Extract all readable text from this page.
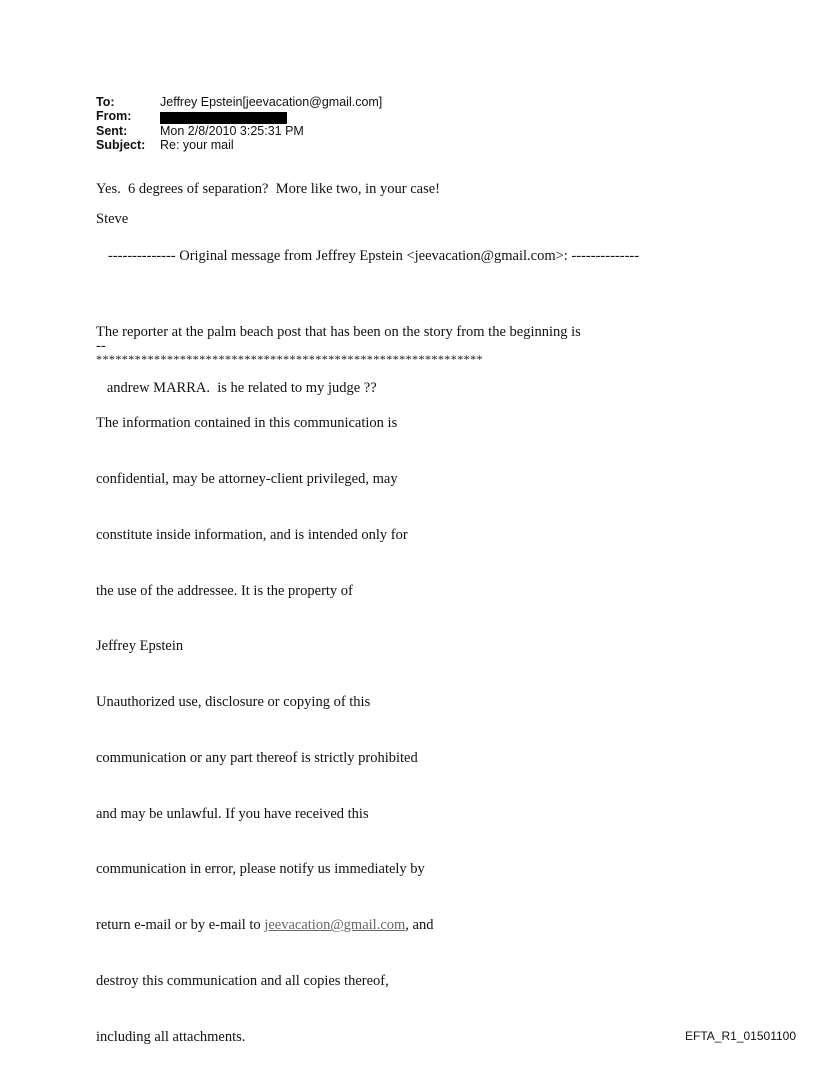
To:	Jeffrey Epstein[jeevacation@gmail.com]
From:
Sent:	Mon 2/8/2010 3:25:31 PM
Subject:	Re: your mail
Yes.  6 degrees of separation?  More like two, in your case!
Steve
-------------- Original message from Jeffrey Epstein <jeevacation@gmail.com>: --------------

The reporter at the palm beach post that has been on the story from the beginning is

andrew MARRA.  is he related to my judge ??

--
************************************************************

The information contained in this communication is

confidential, may be attorney-client privileged, may

constitute inside information, and is intended only for

the use of the addressee. It is the property of

Jeffrey Epstein

Unauthorized use, disclosure or copying of this

communication or any part thereof is strictly prohibited

and may be unlawful. If you have received this

communication in error, please notify us immediately by

return e-mail or by e-mail to jeevacation@gmail.com, and

destroy this communication and all copies thereof,

including all attachments.	EFTA_R1_01501100
